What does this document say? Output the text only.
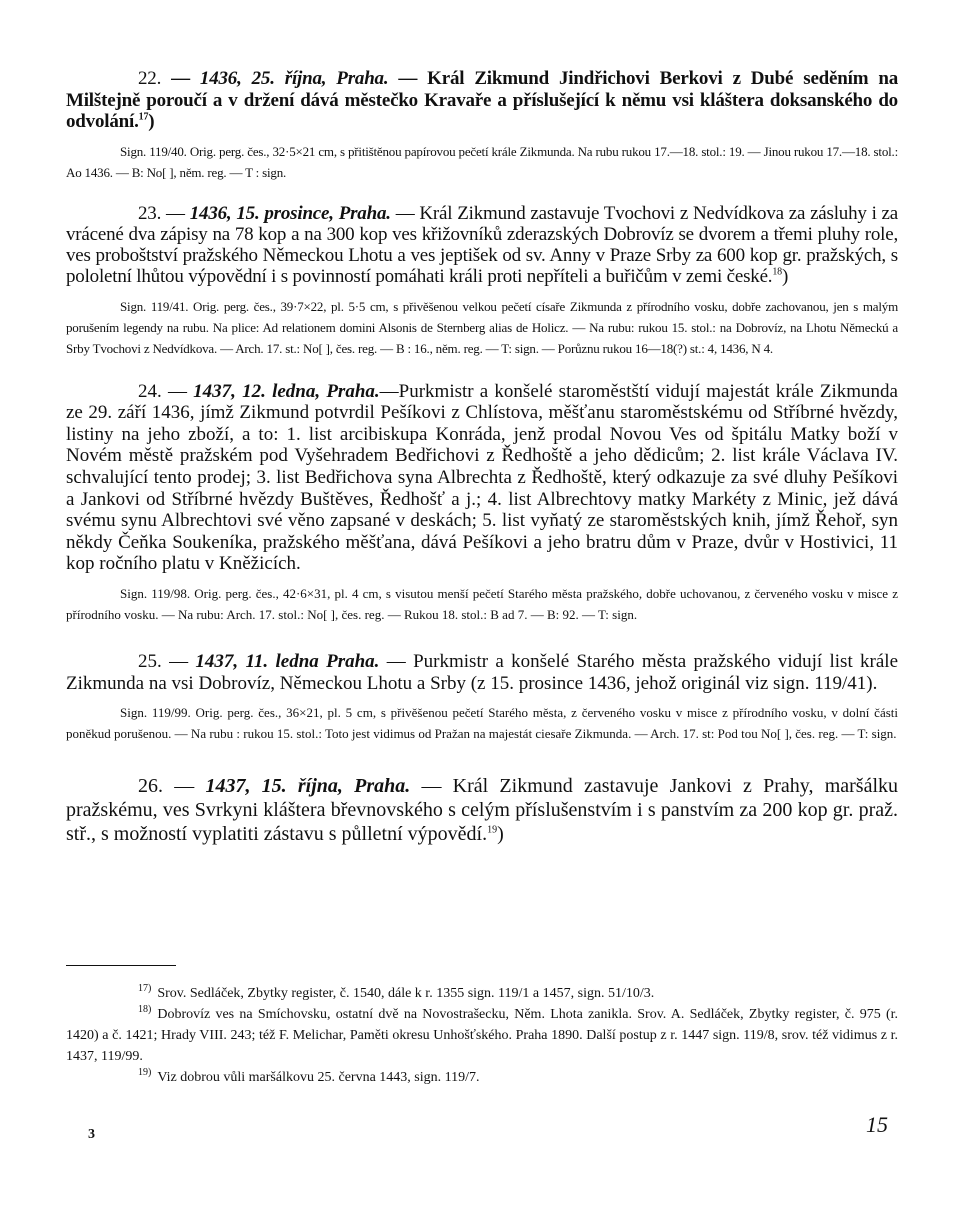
22. — 1436, 25. října, Praha. — Král Zikmund Jindřichovi Berkovi z Dubé seděním na Milštejně poroučí a v držení dává městečko Kravaře a příslušející k němu vsi kláštera doksanského do odvolání.$^{17}$)

Sign. 119/40. Orig. perg. čes., 32·5×21 cm, s přitištěnou papírovou pečetí krále Zikmunda. Na rubu rukou 17.—18. stol.: 19. — Jinou rukou 17.—18. stol.: Ao 1436. — B: No[ ], něm. reg. — T : sign.

23. — 1436, 15. prosince, Praha. — Král Zikmund zastavuje Tvochovi z Nedvídkova za zásluhy i za vrácené dva zápisy na 78 kop a na 300 kop ves křižovníků zderazských Dobrovíz se dvorem a třemi pluhy role, ves proboštství pražského Německou Lhotu a ves jeptišek od sv. Anny v Praze Srby za 600 kop gr. pražských, s pololetní lhůtou výpovědní i s povinností pomáhati králi proti nepříteli a buřičům v zemi české.$^{18}$)

Sign. 119/41. Orig. perg. čes., 39·7×22, pl. 5·5 cm, s přivěšenou velkou pečetí císaře Zikmunda z přírodního vosku, dobře zachovanou, jen s malým porušením legendy na rubu. Na plice: Ad relationem domini Alsonis de Sternberg alias de Holicz. — Na rubu: rukou 15. stol.: na Dobrovíz, na Lhotu Německú a Srby Tvochovi z Nedvídkova. — Arch. 17. st.: No[ ], čes. reg. — B : 16., něm. reg. — T: sign. — Porůznu rukou 16—18(?) st.: 4, 1436, N 4.

24. — 1437, 12. ledna, Praha.—Purkmistr a konšelé staroměstští vidují majestát krále Zikmunda ze 29. září 1436, jímž Zikmund potvrdil Pešíkovi z Chlístova, měšťanu staroměstskému od Stříbrné hvězdy, listiny na jeho zboží, a to: 1. list arcibiskupa Konráda, jenž prodal Novou Ves od špitálu Matky boží v Novém městě pražském pod Vyšehradem Bedřichovi z Ředhoště a jeho dědicům; 2. list krále Václava IV. schvalující tento prodej; 3. list Bedřichova syna Albrechta z Ředhoště, který odkazuje za své dluhy Pešíkovi a Jankovi od Stříbrné hvězdy Buštěves, Ředhošť a j.; 4. list Albrechtovy matky Markéty z Minic, jež dává svému synu Albrechtovi své věno zapsané v deskách; 5. list vyňatý ze staroměstských knih, jímž Řehoř, syn někdy Čeňka Soukeníka, pražského měšťana, dává Pešíkovi a jeho bratru dům v Praze, dvůr v Hostivici, 11 kop ročního platu v Kněžicích.

Sign. 119/98. Orig. perg. čes., 42·6×31, pl. 4 cm, s visutou menší pečetí Starého města pražského, dobře uchovanou, z červeného vosku v misce z přírodního vosku. — Na rubu: Arch. 17. stol.: No[ ], čes. reg. — Rukou 18. stol.: B ad 7. — B: 92. — T: sign.

25. — 1437, 11. ledna Praha. — Purkmistr a konšelé Starého města pražského vidují list krále Zikmunda na vsi Dobrovíz, Německou Lhotu a Srby (z 15. prosince 1436, jehož originál viz sign. 119/41).

Sign. 119/99. Orig. perg. čes., 36×21, pl. 5 cm, s přivěšenou pečetí Starého města, z červeného vosku v misce z přírodního vosku, v dolní části poněkud porušenou. — Na rubu : rukou 15. stol.: Toto jest vidimus od Pražan na majestát ciesaře Zikmunda. — Arch. 17. st: Pod tou No[ ], čes. reg. — T: sign.

26. — 1437, 15. října, Praha. — Král Zikmund zastavuje Jankovi z Prahy, maršálku pražskému, ves Svrkyni kláštera břevnovského s celým příslušenstvím i s panstvím za 200 kop gr. praž. stř., s možností vyplatiti zástavu s půlletní výpovědí.$^{19}$)

$^{17)}$ Srov. Sedláček, Zbytky register, č. 1540, dále k r. 1355 sign. 119/1 a 1457, sign. 51/10/3.

$^{18)}$ Dobrovíz ves na Smíchovsku, ostatní dvě na Novostrašecku, Něm. Lhota zanikla. Srov. A. Sedláček, Zbytky register, č. 975 (r. 1420) a č. 1421; Hrady VIII. 243; též F. Melichar, Paměti okresu Unhošťského. Praha 1890. Další postup z r. 1447 sign. 119/8, srov. též vidimus z r. 1437, 119/99.

$^{19)}$ Viz dobrou vůli maršálkovu 25. června 1443, sign. 119/7.

3	15
